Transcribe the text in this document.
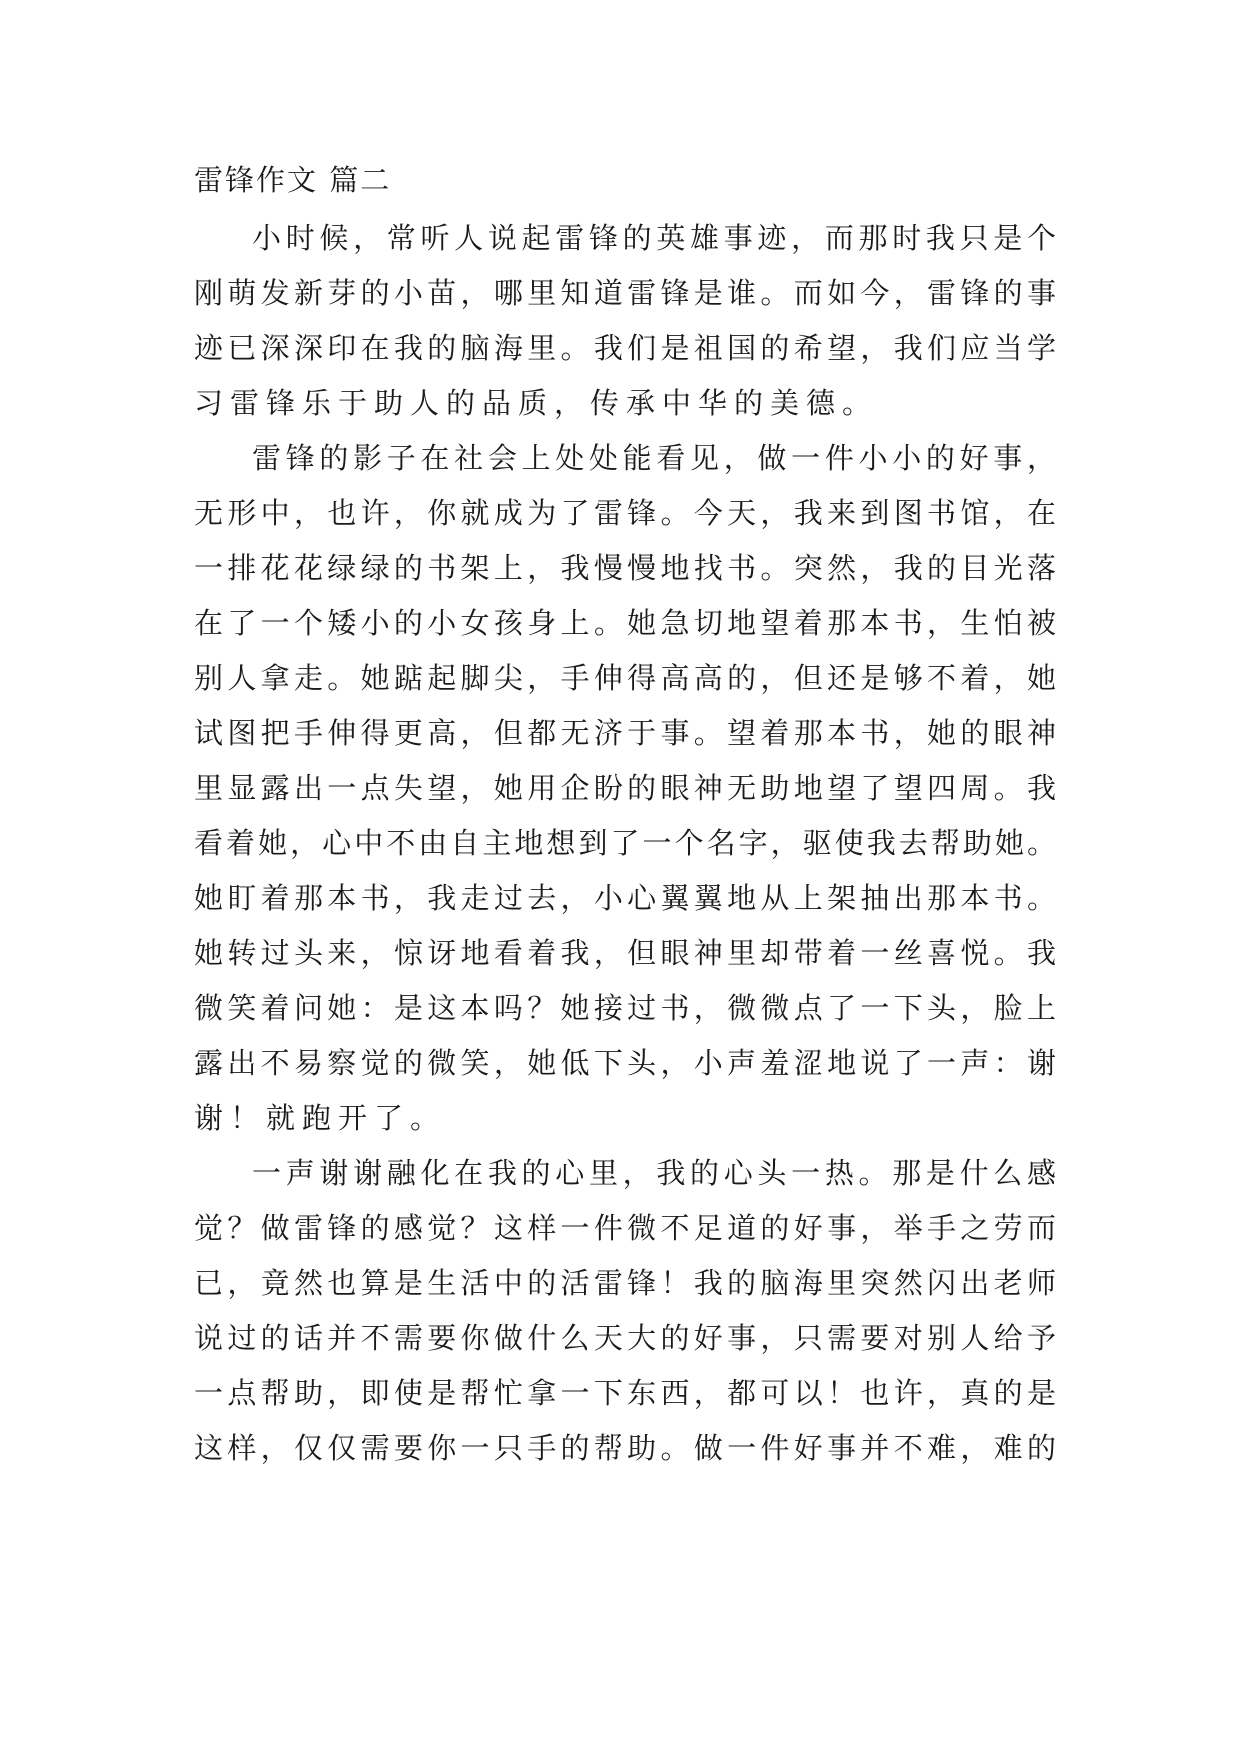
雷锋作文 篇二
小时候，常听人说起雷锋的英雄事迹，而那时我只是个
刚萌发新芽的小苗，哪里知道雷锋是谁。而如今，雷锋的事
迹已深深印在我的脑海里。我们是祖国的希望，我们应当学
习雷锋乐于助人的品质，传承中华的美德。
雷锋的影子在社会上处处能看见，做一件小小的好事，
无形中，也许，你就成为了雷锋。今天，我来到图书馆，在
一排花花绿绿的书架上，我慢慢地找书。突然，我的目光落
在了一个矮小的小女孩身上。她急切地望着那本书，生怕被
别人拿走。她踮起脚尖，手伸得高高的，但还是够不着，她
试图把手伸得更高，但都无济于事。望着那本书，她的眼神
里显露出一点失望，她用企盼的眼神无助地望了望四周。我
看着她，心中不由自主地想到了一个名字，驱使我去帮助她。
她盯着那本书，我走过去，小心翼翼地从上架抽出那本书。
她转过头来，惊讶地看着我，但眼神里却带着一丝喜悦。我
微笑着问她：是这本吗？她接过书，微微点了一下头，脸上
露出不易察觉的微笑，她低下头，小声羞涩地说了一声：谢
谢！就跑开了。
一声谢谢融化在我的心里，我的心头一热。那是什么感
觉？做雷锋的感觉？这样一件微不足道的好事，举手之劳而
已，竟然也算是生活中的活雷锋！我的脑海里突然闪出老师
说过的话并不需要你做什么天大的好事，只需要对别人给予
一点帮助，即使是帮忙拿一下东西，都可以！也许，真的是
这样，仅仅需要你一只手的帮助。做一件好事并不难，难的
